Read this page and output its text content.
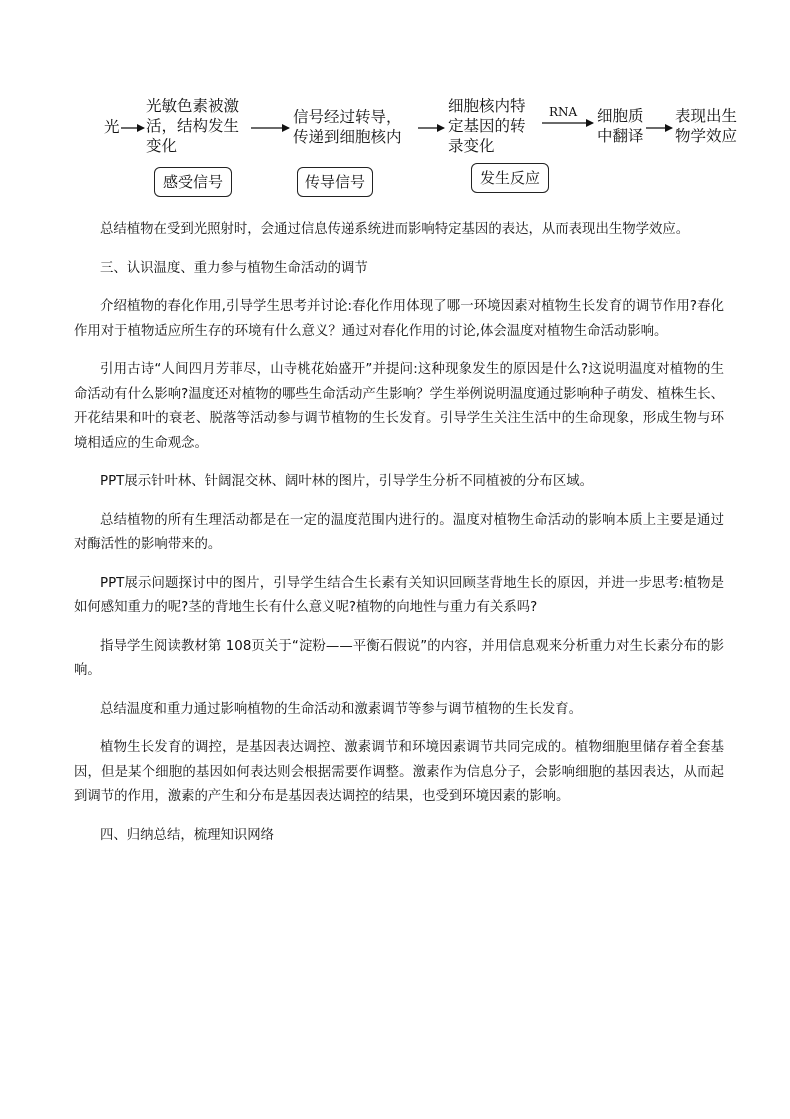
光
光敏色素被激
活，结构发生
变化
信号经过转导，
传递到细胞核内
细胞核内特
定基因的转
录变化
RNA 细胞质
中翻译
表现出生
物学效应
感受信号	传导信号	发生反应

总结植物在受到光照射时，会通过信息传递系统进而影响特定基因的表达，从而表现出生物学效应。

三、认识温度、重力参与植物生命活动的调节

介绍植物的春化作用,引导学生思考并讨论:春化作用体现了哪一环境因素对植物生长发育的调节作用?春化作用对于植物适应所生存的环境有什么意义？通过对春化作用的讨论,体会温度对植物生命活动影响。

引用古诗“人间四月芳菲尽，山寺桃花始盛开”并提问:这种现象发生的原因是什么?这说明温度对植物的生命活动有什么影响?温度还对植物的哪些生命活动产生影响？学生举例说明温度通过影响种子萌发、植株生长、开花结果和叶的衰老、脱落等活动参与调节植物的生长发育。引导学生关注生活中的生命现象，形成生物与环境相适应的生命观念。

PPT展示针叶林、针阔混交林、阔叶林的图片，引导学生分析不同植被的分布区域。

总结植物的所有生理活动都是在一定的温度范围内进行的。温度对植物生命活动的影响本质上主要是通过对酶活性的影响带来的。

PPT展示问题探讨中的图片，引导学生结合生长素有关知识回顾茎背地生长的原因，并进一步思考:植物是如何感知重力的呢?茎的背地生长有什么意义呢?植物的向地性与重力有关系吗?

指导学生阅读教材第 108页关于“淀粉——平衡石假说”的内容，并用信息观来分析重力对生长素分布的影响。

总结温度和重力通过影响植物的生命活动和激素调节等参与调节植物的生长发育。

植物生长发育的调控，是基因表达调控、激素调节和环境因素调节共同完成的。植物细胞里储存着全套基因，但是某个细胞的基因如何表达则会根据需要作调整。激素作为信息分子，会影响细胞的基因表达，从而起到调节的作用，激素的产生和分布是基因表达调控的结果，也受到环境因素的影响。

四、归纳总结，梳理知识网络
